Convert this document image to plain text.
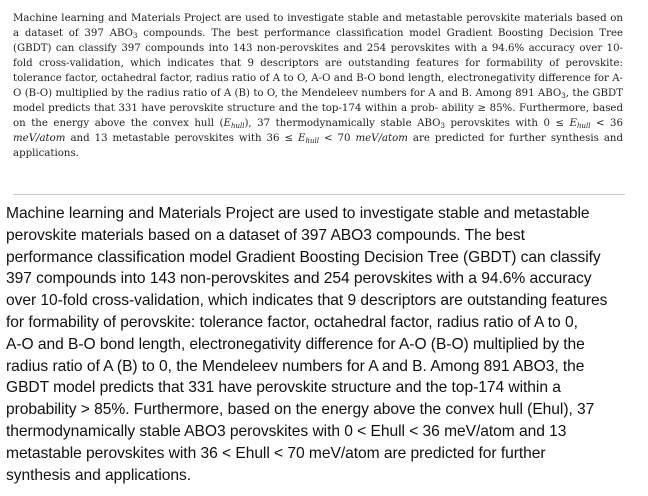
Machine learning and Materials Project are used to investigate stable and metastable perovskite materials based on a dataset of 397 $ABO_3$ compounds. The best performance classification model Gradient Boosting Decision Tree (GBDT) can classify 397 compounds into 143 non-perovskites and 254 perovskites with a 94.6% accuracy over 10-fold cross-validation, which indicates that 9 descriptors are outstanding features for formability of perovskite: tolerance factor, octahedral factor, radius ratio of A to O, A-O and B-O bond length, electronegativity difference for A-O (B-O) multiplied by the radius ratio of A (B) to O, the Mendeleev numbers for A and B. Among 891 $ABO_3$, the GBDT model predicts that 331 have perovskite structure and the top-174 within a prob- ability ≥ 85%. Furthermore, based on the energy above the convex hull $(E_{hull})$, 37 thermodynamically stable $ABO_3$ perovskites with $0 \le E_{hull} < 36$ meV/atom and 13 metastable perovskites with $36 \le E_{hull} < 70$ meV/atom are predicted for further synthesis and applications.
Machine learning and Materials Project are used to investigate stable and metastable
perovskite materials based on a dataset of 397 ABO3 compounds. The best
performance classification model Gradient Boosting Decision Tree (GBDT) can classify
397 compounds into 143 non-perovskites and 254 perovskites with a 94.6% accuracy
over 10-fold cross-validation, which indicates that 9 descriptors are outstanding features
for formability of perovskite: tolerance factor, octahedral factor, radius ratio of A to 0,
A-O and B-O bond length, electronegativity difference for A-O (B-O) multiplied by the
radius ratio of A (B) to 0, the Mendeleev numbers for A and B. Among 891 ABO3, the
GBDT model predicts that 331 have perovskite structure and the top-174 within a
probability > 85%. Furthermore, based on the energy above the convex hull (Ehul), 37
thermodynamically stable ABO3 perovskites with 0 < Ehull < 36 meV/atom and 13
metastable perovskites with 36 < Ehull < 70 meV/atom are predicted for further
synthesis and applications.
